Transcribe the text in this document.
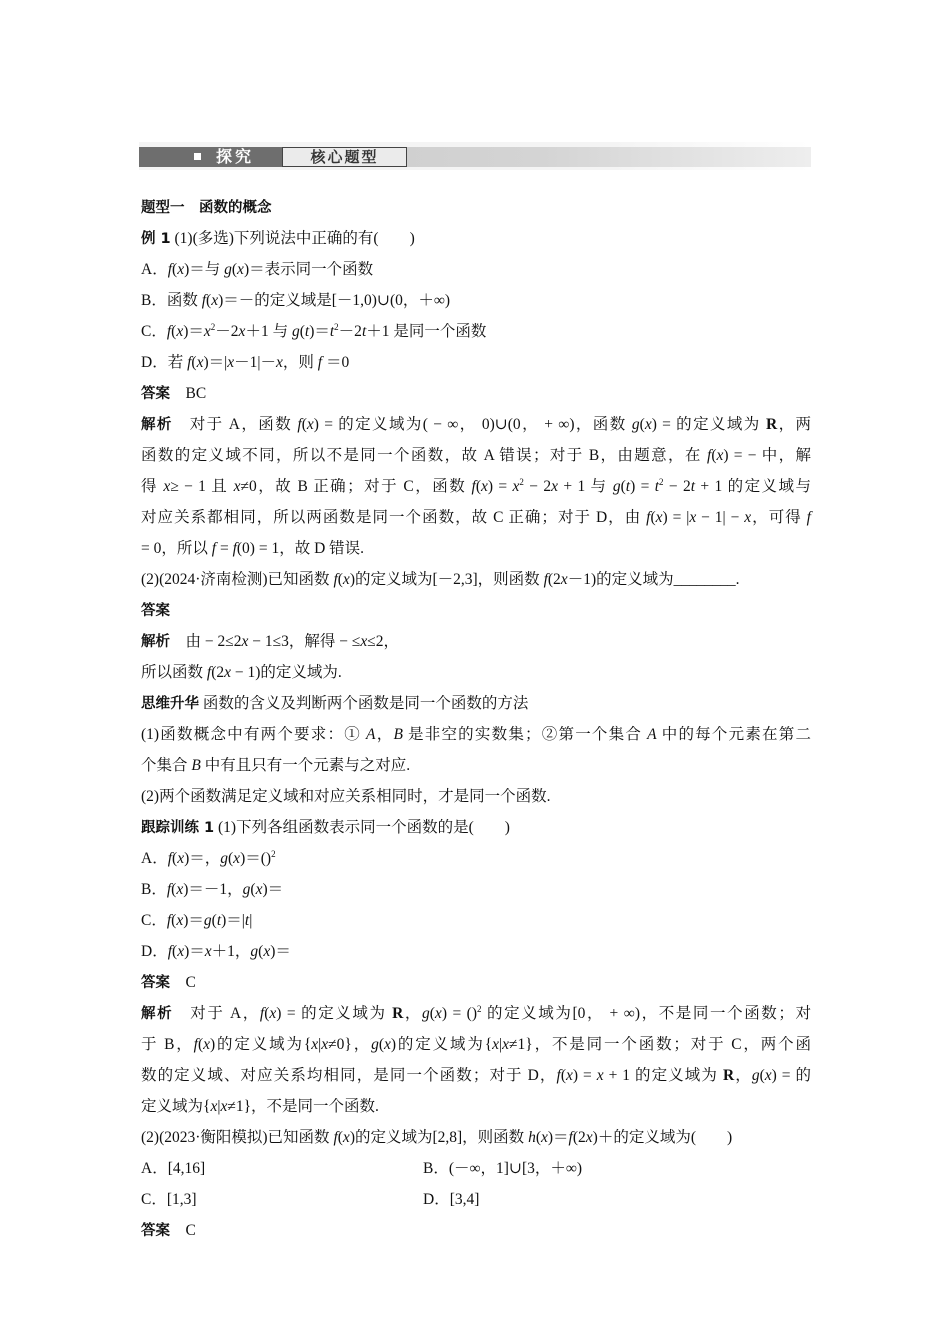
探究	核心题型
题型一　函数的概念
例 1 (1)(多选)下列说法中正确的有(　　)
A．f(x)＝与 g(x)＝表示同一个函数
B．函数 f(x)＝－的定义域是[－1,0)∪(0，＋∞)
C．$f(x)=x^2-2x+1$ 与 $g(t)=t^2-2t+1$ 是同一个函数
D．若 f(x)＝|x－1|－x，则 f ＝0
答案　BC
解析　对于 A，函数 f(x) = 的定义域为( − ∞， 0)∪(0， + ∞)，函数 g(x) = 的定义域为 R，两
函数的定义域不同，所以不是同一个函数，故 A 错误；对于 B，由题意，在 f(x) = − 中，解
得 x≥ − 1 且 x≠0，故 B 正确；对于 C，函数 $f(x) = x^2 - 2x + 1$ 与 $g(t) = t^2 - 2t + 1$ 的定义域与
对应关系都相同，所以两函数是同一个函数，故 C 正确；对于 D，由 f(x) = |x − 1| − x，可得 f
= 0，所以 f = f(0) = 1，故 D 错误.
(2)(2024·济南检测)已知函数 f(x)的定义域为[－2,3]，则函数 f(2x－1)的定义域为________.
答案
解析　由 − 2≤2x − 1≤3，解得 − ≤x≤2，
所以函数 f(2x − 1)的定义域为.
思维升华 函数的含义及判断两个函数是同一个函数的方法
(1)函数概念中有两个要求：① A，B 是非空的实数集；②第一个集合 A 中的每个元素在第二
个集合 B 中有且只有一个元素与之对应.
(2)两个函数满足定义域和对应关系相同时，才是同一个函数.
跟踪训练 1 (1)下列各组函数表示同一个函数的是(　　)
A．f(x)＝，g(x)＝()$^2$
B．f(x)＝－1，g(x)＝
C．f(x)＝g(t)＝|t|
D．f(x)＝x＋1，g(x)＝
答案　C
解析　对于 A，f(x) = 的定义域为 R，g(x) = ()$^2$ 的定义域为[0， + ∞)，不是同一个函数；对
于 B，f(x)的定义域为{x|x≠0}，g(x)的定义域为{x|x≠1}，不是同一个函数；对于 C，两个函
数的定义域、对应关系均相同，是同一个函数；对于 D，f(x) = x + 1 的定义域为 R，g(x) = 的
定义域为{x|x≠1}，不是同一个函数.
(2)(2023·衡阳模拟)已知函数 f(x)的定义域为[2,8]，则函数 h(x)＝f(2x)＋的定义域为(　　)
A．[4,16]	B．(－∞，1]∪[3，＋∞)
C．[1,3]	D．[3,4]
答案　C
